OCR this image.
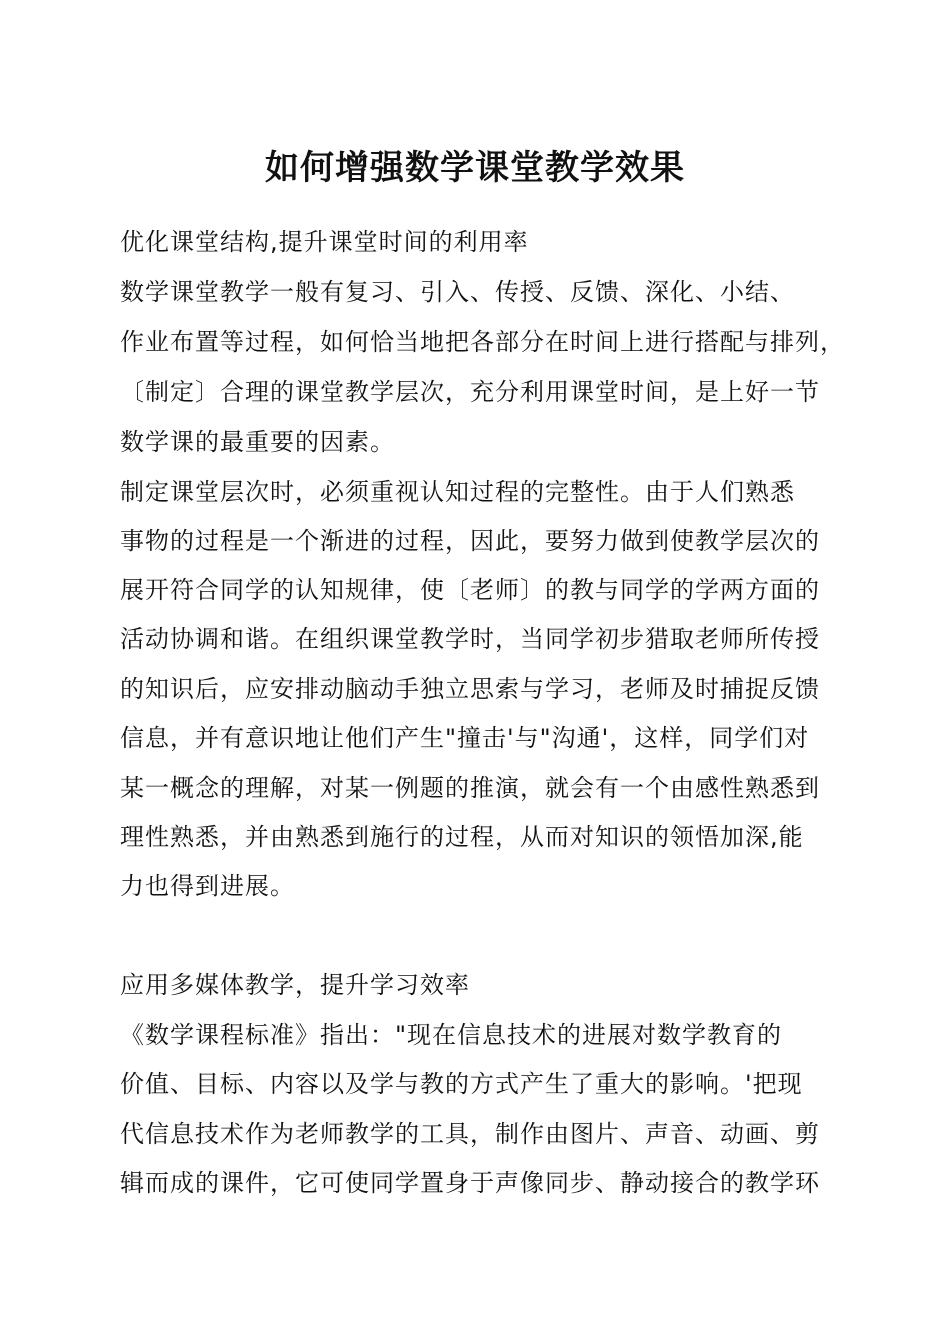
如何增强数学课堂教学效果
优化课堂结构,提升课堂时间的利用率
数学课堂教学一般有复习、引入、传授、反馈、深化、小结、
作业布置等过程，如何恰当地把各部分在时间上进行搭配与排列，
〔制定〕合理的课堂教学层次，充分利用课堂时间，是上好一节
数学课的最重要的因素。
制定课堂层次时，必须重视认知过程的完整性。由于人们熟悉
事物的过程是一个渐进的过程，因此，要努力做到使教学层次的
展开符合同学的认知规律，使〔老师〕的教与同学的学两方面的
活动协调和谐。在组织课堂教学时，当同学初步猎取老师所传授
的知识后，应安排动脑动手独立思索与学习，老师及时捕捉反馈
信息，并有意识地让他们产生"撞击'与"沟通'，这样，同学们对
某一概念的理解，对某一例题的推演，就会有一个由感性熟悉到
理性熟悉，并由熟悉到施行的过程，从而对知识的领悟加深,能
力也得到进展。
应用多媒体教学，提升学习效率
《数学课程标准》指出："现在信息技术的进展对数学教育的
价值、目标、内容以及学与教的方式产生了重大的影响。'把现
代信息技术作为老师教学的工具，制作由图片、声音、动画、剪
辑而成的课件，它可使同学置身于声像同步、静动接合的教学环
